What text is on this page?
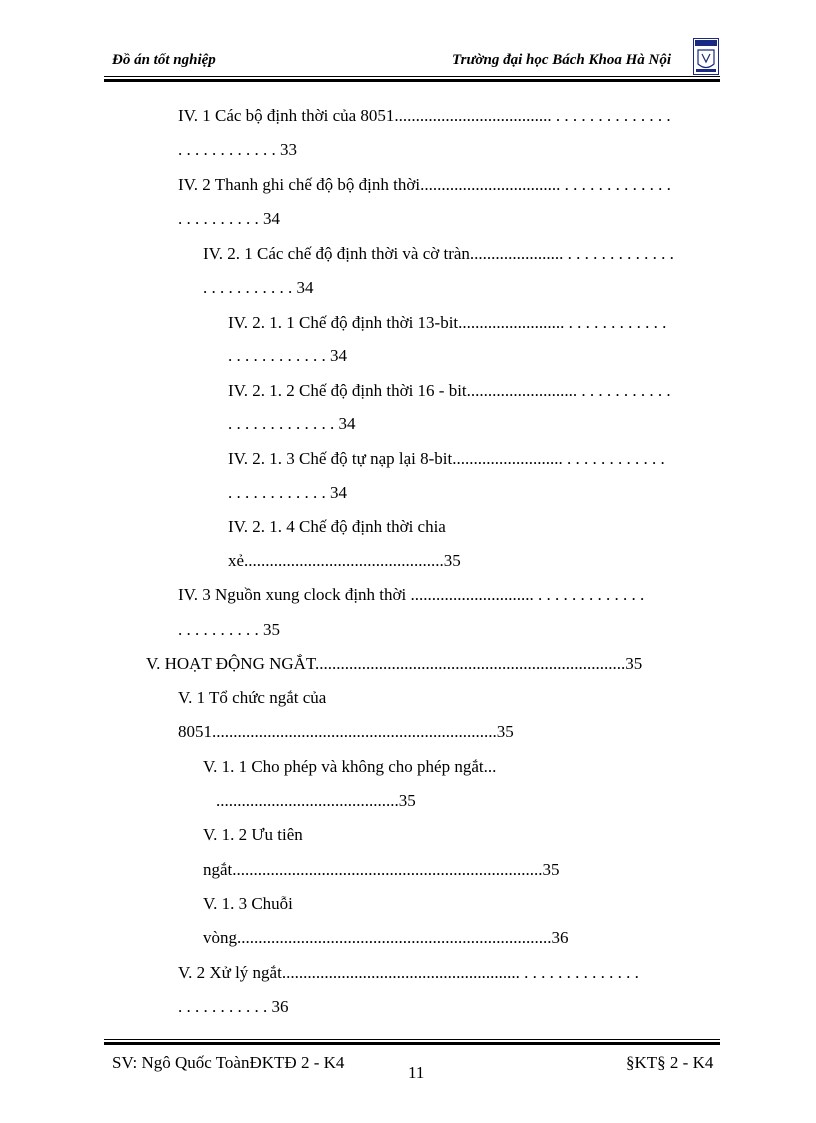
Đồ án tốt nghiệp	Trường đại học Bách Khoa Hà Nội
IV. 1 Các bộ định thời của 8051..................................... . . . . . . . . . . . . . .
. . . . . . . . . . . . 33
IV. 2 Thanh ghi chế độ bộ định thời................................. . . . . . . . . . . . . .
. . . . . . . . . . 34
IV. 2. 1 Các chế độ định thời và cờ tràn...................... . . . . . . . . . . . . .
. . . . . . . . . . . 34
IV. 2. 1. 1 Chế độ định thời 13-bit......................... . . . . . . . . . . . .
. . . . . . . . . . . . 34
IV. 2. 1. 2 Chế độ định thời 16 - bit.......................... . . . . . . . . . . .
. . . . . . . . . . . . . 34
IV. 2. 1. 3 Chế độ tự nạp lại 8-bit.......................... . . . . . . . . . . . .
. . . . . . . . . . . . 34
IV. 2. 1. 4 Chế độ định thời chia
xẻ...............................................35
IV. 3 Nguồn xung clock định thời ............................. . . . . . . . . . . . . .
. . . . . . . . . . 35
V. HOẠT ĐỘNG NGẮT.........................................................................35
V. 1 Tổ chức ngắt của
8051...................................................................35
V. 1. 1 Cho phép và không cho phép ngắt...
...........................................35
V. 1. 2 Ưu tiên
ngắt.........................................................................35
V. 1. 3 Chuỗi
vòng..........................................................................36
V. 2 Xử lý ngắt........................................................ . . . . . . . . . . . . . .
. . . . . . . . . . . 36
SV: Ngô Quốc ToànĐKTĐ 2 - K4
11
§KT§ 2 - K4
